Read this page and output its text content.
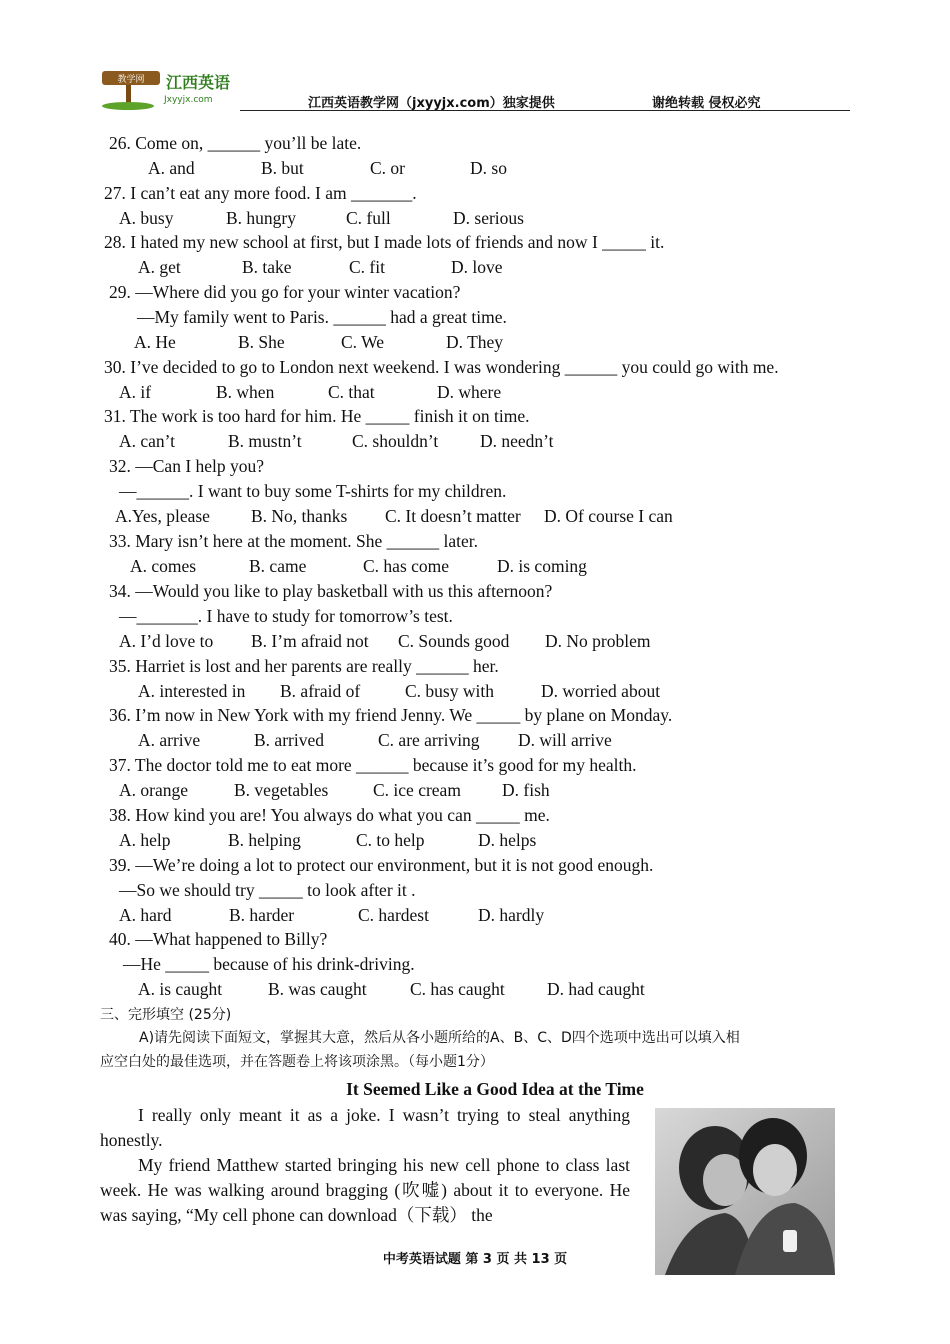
教学网 江西英语
Jxyyjx.com	江西英语教学网（jxyyjx.com）独家提供	谢绝转载 侵权必究
26. Come on, ______ you’ll be late.
A. and	B. but	C. or	D. so
27. I can’t eat any more food. I am _______.
A. busy	B. hungry	C. full	D. serious
28. I hated my new school at first, but I made lots of friends and now I _____ it.
A. get	B. take	C. fit	D. love
29. —Where did you go for your winter vacation?
—My family went to Paris. ______ had a great time.
A. He	B. She	C. We	D. They
30. I’ve decided to go to London next weekend. I was wondering ______ you could go with me.
A. if	B. when	C. that	D. where
31. The work is too hard for him. He _____ finish it on time.
A. can’t	B. mustn’t	C. shouldn’t D. needn’t
32. —Can I help you?
—______. I want to buy some T-shirts for my children.
A.Yes, please B. No, thanks C. It doesn’t matter D. Of course I can
33. Mary isn’t here at the moment. She ______ later.
A. comes	B. came	C. has come	D. is coming
34. —Would you like to play basketball with us this afternoon?
—_______. I have to study for tomorrow’s test.
A. I’d love to B. I’m afraid not C. Sounds good D. No problem
35. Harriet is lost and her parents are really ______ her.
A. interested in B. afraid of	C. busy with	D. worried about
36. I’m now in New York with my friend Jenny. We _____ by plane on Monday.
A. arrive	B. arrived	C. are arriving D. will arrive
37. The doctor told me to eat more ______ because it’s good for my health.
A. orange	B. vegetables	C. ice cream D. fish
38. How kind you are! You always do what you can _____ me.
A. help	B. helping	C. to help	D. helps
39. —We’re doing a lot to protect our environment, but it is not good enough.
—So we should try _____ to look after it .
A. hard	B. harder	C. hardest	D. hardly
40. —What happened to Billy?
—He _____ because of his drink-driving.
A. is caught	B. was caught C. has caught D. had caught
三、完形填空 (25分)
A)请先阅读下面短文，掌握其大意，然后从各小题所给的A、B、C、D四个选项中选出可以填入相
应空白处的最佳选项，并在答题卷上将该项涂黑。（每小题1分）
It Seemed Like a Good Idea at the Time
I really only meant it as a joke. I wasn’t trying to steal anything honestly.
My friend Matthew started bringing his new cell phone to class last week. He was walking around bragging (吹嘘) about it to everyone. He was saying, “My cell phone can download（下载） the
中考英语试题 第 3 页 共 13 页
